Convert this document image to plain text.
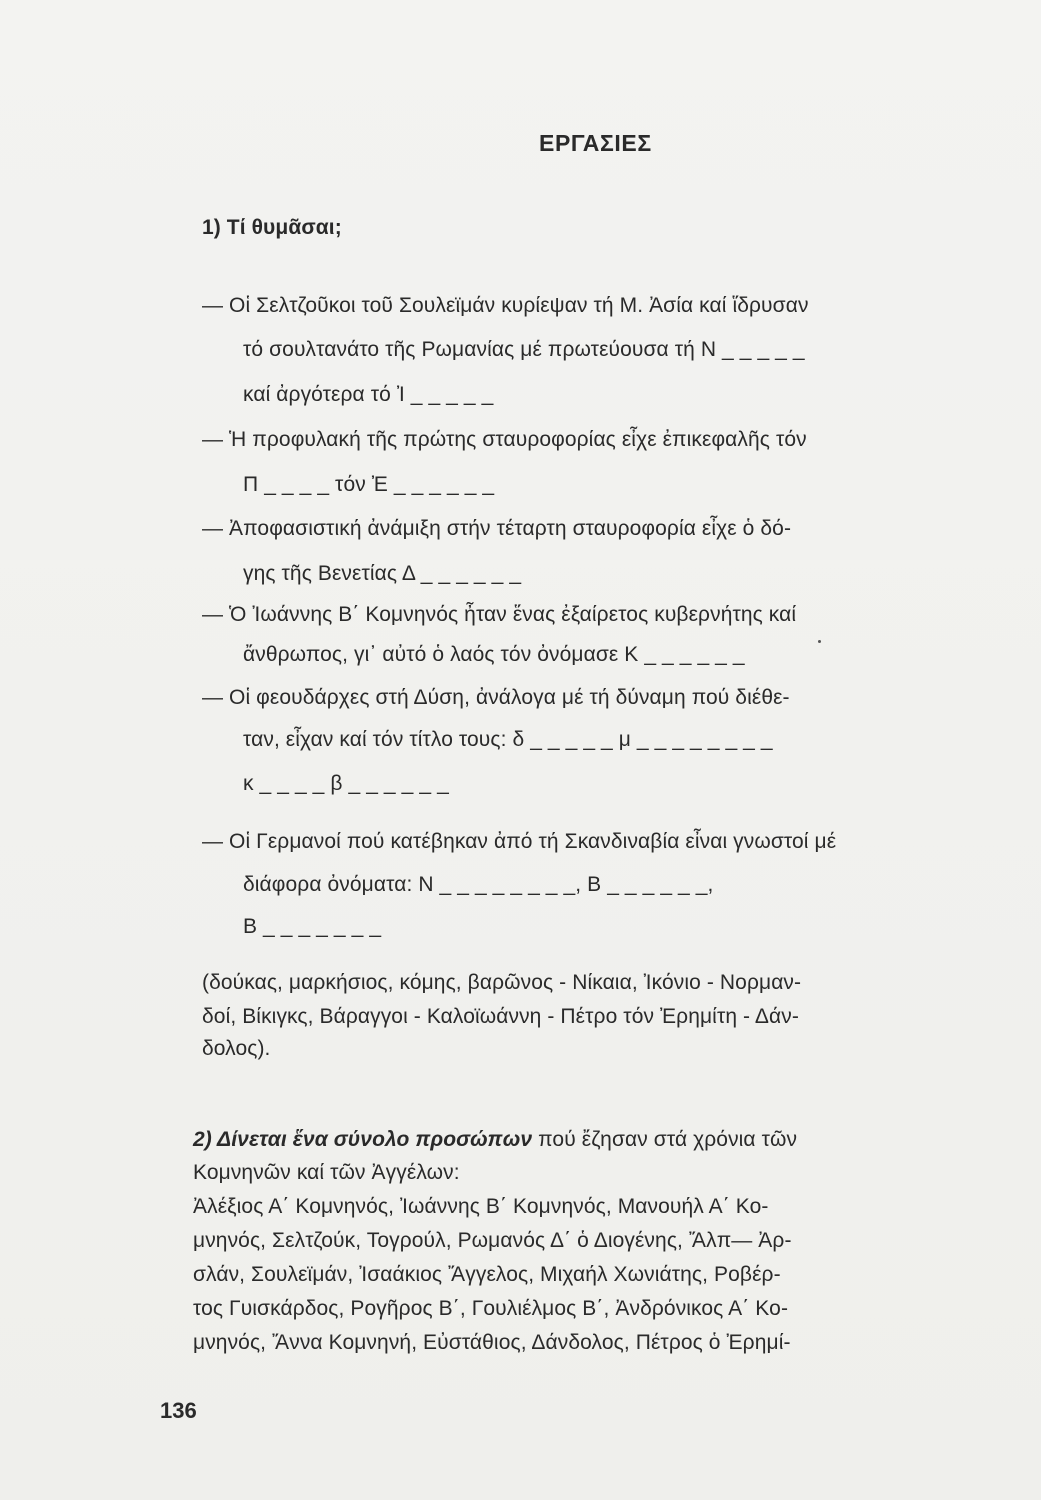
ΕΡΓΑΣΙΕΣ
1) Τί θυμᾶσαι;
— Οἱ Σελτζοῦκοι τοῦ Σουλεϊμάν κυρίεψαν τή Μ. Ἀσία καί ἵδρυσαν
τό σουλτανάτο τῆς Ρωμανίας μέ πρωτεύουσα τή Ν _ _ _ _ _
καί ἀργότερα τό Ἰ _ _ _ _ _
— Ἡ προφυλακή τῆς πρώτης σταυροφορίας εἶχε ἐπικεφαλῆς τόν
Π _ _ _ _ τόν Ἐ _ _ _ _ _ _
— Ἀποφασιστική ἀνάμιξη στήν τέταρτη σταυροφορία εἶχε ὁ δό-
γης τῆς Βενετίας Δ _ _ _ _ _ _
— Ὁ Ἰωάννης Β΄ Κομνηνός ἦταν ἕνας ἐξαίρετος κυβερνήτης καί
ἄνθρωπος, γι᾿ αὐτό ὁ λαός τόν ὀνόμασε Κ _ _ _ _ _ _
— Οἱ φεουδάρχες στή Δύση, ἀνάλογα μέ τή δύναμη πού διέθε-
ταν, εἶχαν καί τόν τίτλο τους: δ _ _ _ _ _ μ _ _ _ _ _ _ _ _
κ _ _ _ _ β _ _ _ _ _ _
— Οἱ Γερμανοί πού κατέβηκαν ἀπό τή Σκανδιναβία εἶναι γνωστοί μέ
διάφορα ὀνόματα: Ν _ _ _ _ _ _ _ _, Β _ _ _ _ _ _,
Β _ _ _ _ _ _ _
(δούκας, μαρκήσιος, κόμης, βαρῶνος - Νίκαια, Ἰκόνιο - Νορμαν-
δοί, Βίκιγκς, Βάραγγοι - Καλοϊωάννη - Πέτρο τόν Ἐρημίτη - Δάν-
δολος).
2) Δίνεται ἕνα σύνολο προσώπων πού ἔζησαν στά χρόνια τῶν
Κομνηνῶν καί τῶν Ἀγγέλων:
Ἀλέξιος Α΄ Κομνηνός, Ἰωάννης Β΄ Κομνηνός, Μανουήλ Α΄ Κο-
μνηνός, Σελτζούκ, Τογρούλ, Ρωμανός Δ΄ ὁ Διογένης, Ἄλπ— Ἀρ-
σλάν, Σουλεϊμάν, Ἰσαάκιος Ἄγγελος, Μιχαήλ Χωνιάτης, Ροβέρ-
τος Γυισκάρδος, Ρογῆρος Β΄, Γουλιέλμος Β΄, Ἀνδρόνικος Α΄ Κο-
μνηνός, Ἄννα Κομνηνή, Εὐστάθιος, Δάνδολος, Πέτρος ὁ Ἐρημί-
136
